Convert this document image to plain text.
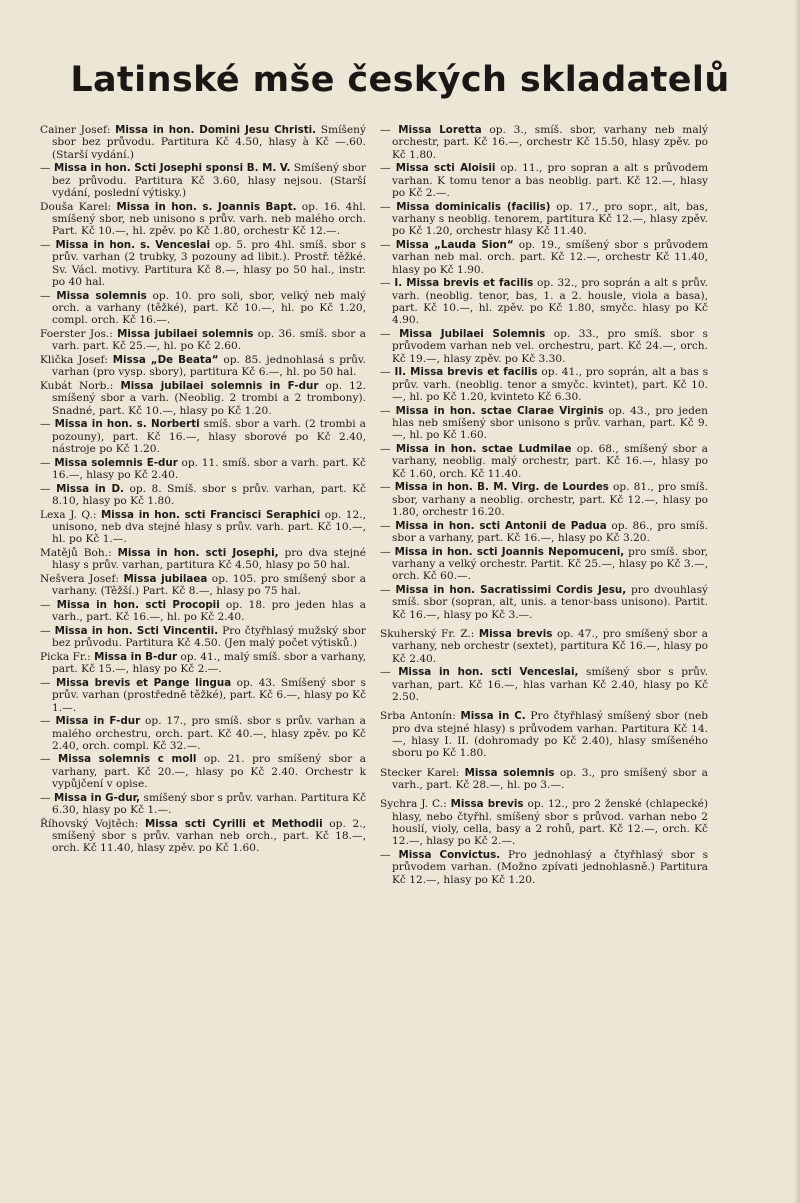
Latinské mše českých skladatelů
Cainer Josef: Missa in hon. Domini Jesu Christi. Smíšený sbor bez průvodu. Partitura Kč 4.50, hlasy à Kč —.60. (Starší vydání.)
— Missa in hon. Scti Josephi sponsi B. M. V. Smíšený sbor bez průvodu. Partitura Kč 3.60, hlasy nejsou. (Starší vydání, poslední výtisky.)
Douša Karel: Missa in hon. s. Joannis Bapt. op. 16. 4hl. smíšený sbor, neb unisono s prův. varh. neb malého orch. Part. Kč 10.—, hl. zpěv. po Kč 1.80, orchestr Kč 12.—.
— Missa in hon. s. Venceslai op. 5. pro 4hl. smíš. sbor s prův. varhan (2 trubky, 3 pozouny ad libit.). Prostř. těžké. Sv. Václ. motivy. Partitura Kč 8.—, hlasy po 50 hal., instr. po 40 hal.
— Missa solemnis op. 10. pro soli, sbor, velký neb malý orch. a varhany (těžké), part. Kč 10.—, hl. po Kč 1.20, compl. orch. Kč 16.—.
Foerster Jos.: Missa jubilaei solemnis op. 36. smíš. sbor a varh. part. Kč 25.—, hl. po Kč 2.60.
Klička Josef: Missa „De Beata“ op. 85. jednohlasá s prův. varhan (pro vysp. sbory), partitura Kč 6.—, hl. po 50 hal.
Kubát Norb.: Missa jubilaei solemnis in F-dur op. 12. smíšený sbor a varh. (Neoblig. 2 trombi a 2 trombony). Snadné, part. Kč 10.—, hlasy po Kč 1.20.
— Missa in hon. s. Norberti smíš. sbor a varh. (2 trombi a pozouny), part. Kč 16.—, hlasy sborové po Kč 2.40, nástroje po Kč 1.20.
— Missa solemnis E-dur op. 11. smíš. sbor a varh. part. Kč 16.—, hlasy po Kč 2.40.
— Missa in D. op. 8. Smíš. sbor s prův. varhan, part. Kč 8.10, hlasy po Kč 1.80.
Lexa J. Q.: Missa in hon. scti Francisci Seraphici op. 12., unisono, neb dva stejné hlasy s prův. varh. part. Kč 10.—, hl. po Kč 1.—.
Matějů Boh.: Missa in hon. scti Josephi, pro dva stejné hlasy s prův. varhan, partitura Kč 4.50, hlasy po 50 hal.
Nešvera Josef: Missa jubilaea op. 105. pro smíšený sbor a varhany. (Těžší.) Part. Kč 8.—, hlasy po 75 hal.
— Missa in hon. scti Procopii op. 18. pro jeden hlas a varh., part. Kč 16.—, hl. po Kč 2.40.
— Missa in hon. Scti Vincentii. Pro čtyřhlasý mužský sbor bez průvodu. Partitura Kč 4.50. (Jen malý počet výtisků.)
Picka Fr.: Missa in B-dur op. 41., malý smíš. sbor a varhany, part. Kč 15.—, hlasy po Kč 2.—.
— Missa brevis et Pange lingua op. 43. Smíšený sbor s prův. varhan (prostředně těžké), part. Kč 6.—, hlasy po Kč 1.—.
— Missa in F-dur op. 17., pro smíš. sbor s prův. varhan a malého orchestru, orch. part. Kč 40.—, hlasy zpěv. po Kč 2.40, orch. compl. Kč 32.—.
— Missa solemnis c moll op. 21. pro smíšený sbor a varhany, part. Kč 20.—, hlasy po Kč 2.40. Orchestr k vypůjčení v opise.
— Missa in G-dur, smíšený sbor s prův. varhan. Partitura Kč 6.30, hlasy po Kč 1.—.
Říhovský Vojtěch: Missa scti Cyrilli et Methodii op. 2., smíšený sbor s prův. varhan neb orch., part. Kč 18.—, orch. Kč 11.40, hlasy zpěv. po Kč 1.60.
— Missa Loretta op. 3., smíš. sbor, varhany neb malý orchestr, part. Kč 16.—, orchestr Kč 15.50, hlasy zpěv. po Kč 1.80.
— Missa scti Aloisii op. 11., pro sopran a alt s průvodem varhan. K tomu tenor a bas neoblig. part. Kč 12.—, hlasy po Kč 2.—.
— Missa dominicalis (facilis) op. 17., pro sopr., alt, bas, varhany s neoblig. tenorem, partitura Kč 12.—, hlasy zpěv. po Kč 1.20, orchestr hlasy Kč 11.40.
— Missa „Lauda Sion“ op. 19., smíšený sbor s průvodem varhan neb mal. orch. part. Kč 12.—, orchestr Kč 11.40, hlasy po Kč 1.90.
— I. Missa brevis et facilis op. 32., pro soprán a alt s prův. varh. (neoblig. tenor, bas, 1. a 2. housle, viola a basa), part. Kč 10.—, hl. zpěv. po Kč 1.80, smyčc. hlasy po Kč 4.90.
— Missa Jubilaei Solemnis op. 33., pro smíš. sbor s průvodem varhan neb vel. orchestru, part. Kč 24.—, orch. Kč 19.—, hlasy zpěv. po Kč 3.30.
— II. Missa brevis et facilis op. 41., pro soprán, alt a bas s prův. varh. (neoblig. tenor a smyčc. kvintet), part. Kč 10.—, hl. po Kč 1.20, kvinteto Kč 6.30.
— Missa in hon. sctae Clarae Virginis op. 43., pro jeden hlas neb smíšený sbor unisono s prův. varhan, part. Kč 9.—, hl. po Kč 1.60.
— Missa in hon. sctae Ludmilae op. 68., smíšený sbor a varhany, neoblig. malý orchestr, part. Kč 16.—, hlasy po Kč 1.60, orch. Kč 11.40.
— Missa in hon. B. M. Virg. de Lourdes op. 81., pro smíš. sbor, varhany a neoblig. orchestr, part. Kč 12.—, hlasy po 1.80, orchestr 16.20.
— Missa in hon. scti Antonii de Padua op. 86., pro smíš. sbor a varhany, part. Kč 16.—, hlasy po Kč 3.20.
— Missa in hon. scti Joannis Nepomuceni, pro smíš. sbor, varhany a velký orchestr. Partit. Kč 25.—, hlasy po Kč 3.—, orch. Kč 60.—.
— Missa in hon. Sacratissimi Cordis Jesu, pro dvouhlasý smíš. sbor (sopran, alt, unis. a tenor-bass unisono). Partit. Kč 16.—, hlasy po Kč 3.—.
Skuherský Fr. Z.: Missa brevis op. 47., pro smíšený sbor a varhany, neb orchestr (sextet), partitura Kč 16.—, hlasy po Kč 2.40.
— Missa in hon. scti Venceslai, smíšený sbor s prův. varhan, part. Kč 16.—, hlas varhan Kč 2.40, hlasy po Kč 2.50.
Srba Antonín: Missa in C. Pro čtyřhlasý smíšený sbor (neb pro dva stejné hlasy) s průvodem varhan. Partitura Kč 14.—, hlasy I. II. (dohromady po Kč 2.40), hlasy smíšeného sboru po Kč 1.80.
Stecker Karel: Missa solemnis op. 3., pro smíšený sbor a varh., part. Kč 28.—, hl. po 3.—.
Sychra J. C.: Missa brevis op. 12., pro 2 ženské (chlapecké) hlasy, nebo čtyřhl. smíšený sbor s průvod. varhan nebo 2 houslí, violy, cella, basy a 2 rohů, part. Kč 12.—, orch. Kč 12.—, hlasy po Kč 2.—.
— Missa Convictus. Pro jednohlasý a čtyřhlasý sbor s průvodem varhan. (Možno zpívati jednohlasně.) Partitura Kč 12.—, hlasy po Kč 1.20.
